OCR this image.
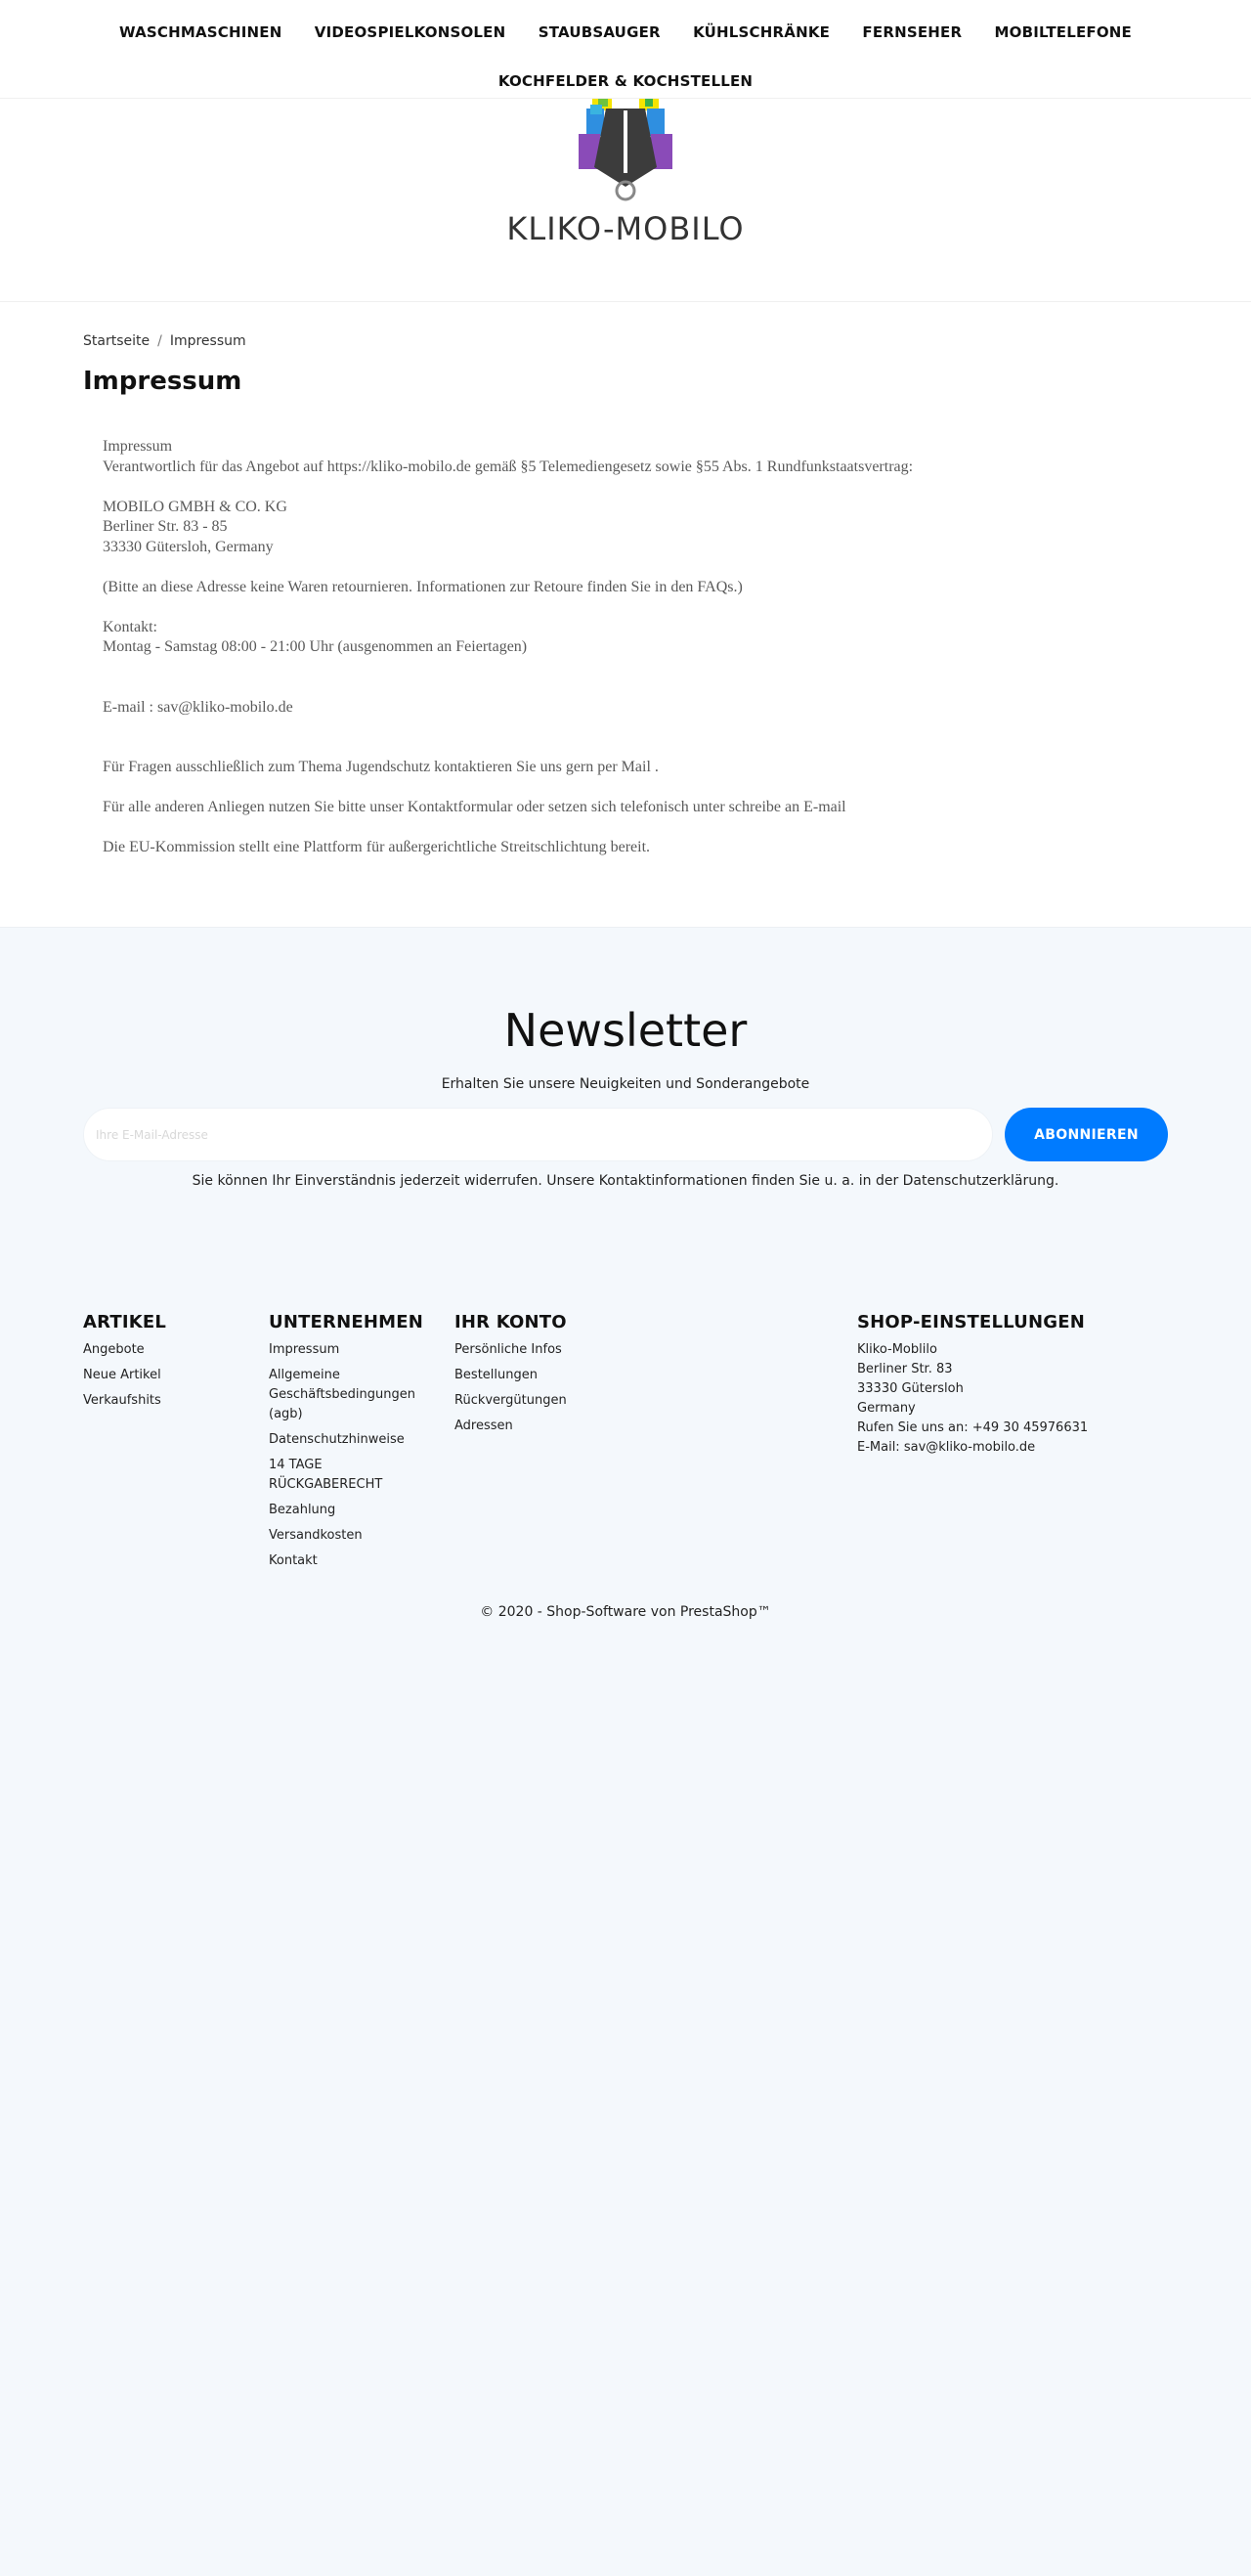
WASCHMASCHINEN VIDEOSPIELKONSOLEN STAUBSAUGER KÜHLSCHRÄNKE FERNSEHER MOBILTELEFONE
KOCHFELDER & KOCHSTELLEN
KLIKO-MOBILO
Startseite / Impressum
Impressum

Impressum
Verantwortlich für das Angebot auf https://kliko-mobilo.de gemäß §5 Telemediengesetz sowie §55 Abs. 1 Rundfunkstaatsvertrag:

MOBILO GMBH & CO. KG
Berliner Str. 83 - 85
33330 Gütersloh, Germany

(Bitte an diese Adresse keine Waren retournieren. Informationen zur Retoure finden Sie in den FAQs.)

Kontakt:
Montag - Samstag 08:00 - 21:00 Uhr (ausgenommen an Feiertagen)

E-mail : sav@kliko-mobilo.de

Für Fragen ausschließlich zum Thema Jugendschutz kontaktieren Sie uns gern per Mail .

Für alle anderen Anliegen nutzen Sie bitte unser Kontaktformular oder setzen sich telefonisch unter schreibe an E-mail

Die EU-Kommission stellt eine Plattform für außergerichtliche Streitschlichtung bereit.

Newsletter
Erhalten Sie unsere Neuigkeiten und Sonderangebote
Ihre E-Mail-Adresse
ABONNIEREN
Sie können Ihr Einverständnis jederzeit widerrufen. Unsere Kontaktinformationen finden Sie u. a. in der Datenschutzerklärung.
ARTIKEL
Angebote
Neue Artikel
Verkaufshits
UNTERNEHMEN
Impressum
Allgemeine Geschäftsbedingungen (agb)
Datenschutzhinweise
14 TAGE RÜCKGABERECHT
Bezahlung
Versandkosten
Kontakt
IHR KONTO
Persönliche Infos
Bestellungen
Rückvergütungen
Adressen
SHOP-EINSTELLUNGEN
Kliko-Moblilo
Berliner Str. 83
33330 Gütersloh
Germany
Rufen Sie uns an: +49 30 45976631
E-Mail: sav@kliko-mobilo.de
© 2020 - Shop-Software von PrestaShop™
